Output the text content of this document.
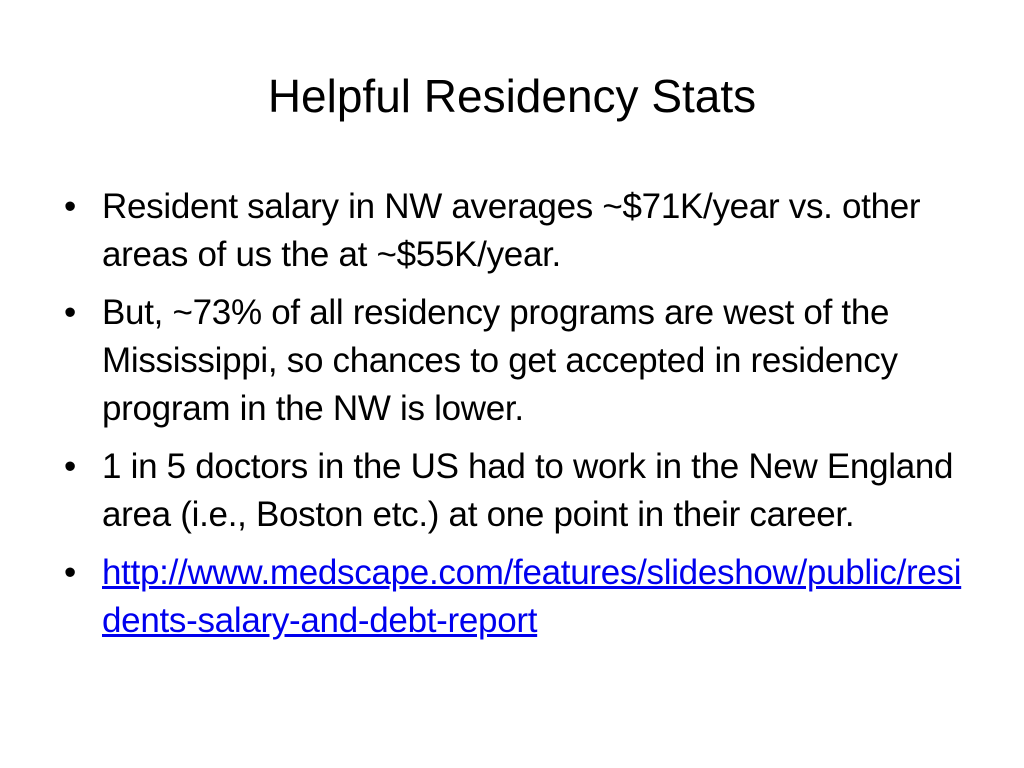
Helpful Residency Stats
• Resident salary in NW averages ~$71K/year vs. other areas of us the at ~$55K/year.
• But, ~73% of all residency programs are west of the Mississippi, so chances to get accepted in residency program in the NW is lower.
• 1 in 5 doctors in the US had to work in the New England area (i.e., Boston etc.) at one point in their career.
• http://www.medscape.com/features/slideshow/public/residents-salary-and-debt-report
